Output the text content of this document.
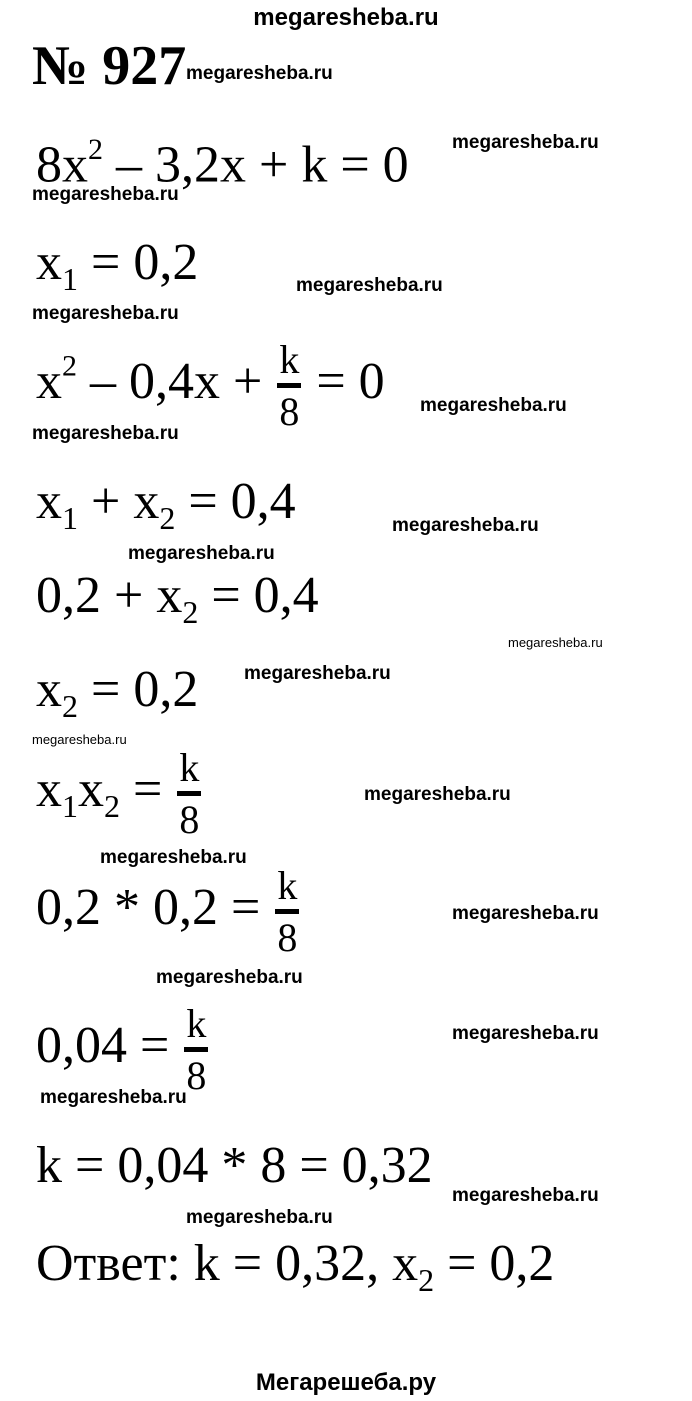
megaresheba.ru
№ 927 megaresheba.ru
$8x^2 - 3,2x + k = 0$ megaresheba.ru
megaresheba.ru
$x_1 = 0,2$	megaresheba.ru
megaresheba.ru
$x^2 - 0,4x + k$
8
= 0 megaresheba.ru
megaresheba.ru
$x_1 + x_2 = 0,4$	megaresheba.ru
megaresheba.ru
$0,2 + x_2 = 0,4$
megaresheba.ru
$x_2 = 0,2$ megaresheba.ru
megaresheba.ru
$x_1x_2 = k$
8
megaresheba.ru
megaresheba.ru
0,2 * 0,2 = k
8
megaresheba.ru
megaresheba.ru
0,04 = k
8
megaresheba.ru
megaresheba.ru
k = 0,04 * 8 = 0,32
megaresheba.ru
megaresheba.ru
Ответ: k = 0,32, $x_2 = 0,2$
Мегарешеба.ру
